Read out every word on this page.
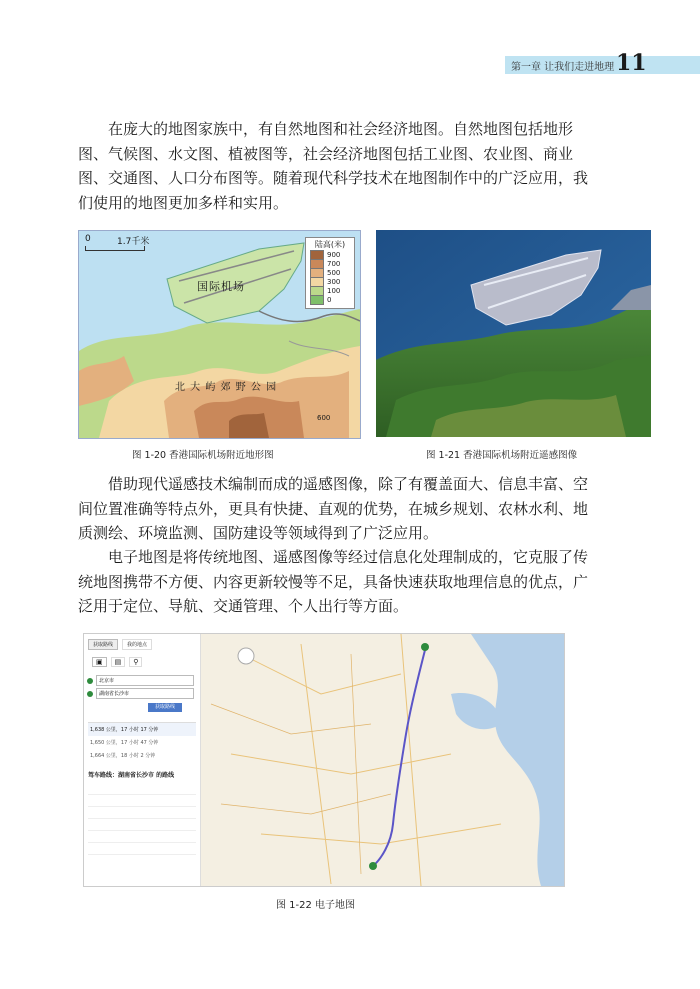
第一章 让我们走进地理 11

在庞大的地图家族中，有自然地图和社会经济地图。自然地图包括地形图、气候图、水文图、植被图等，社会经济地图包括工业图、农业图、商业图、交通图、人口分布图等。随着现代科学技术在地图制作中的广泛应用，我们使用的地图更加多样和实用。

0	1.7千米	陆高(米)
900
700
500
300
100
0
国际机场
北 大 屿 郊 野 公 园
600
图 1-20 香港国际机场附近地形图	图 1-21 香港国际机场附近遥感图像

借助现代遥感技术编制而成的遥感图像，除了有覆盖面大、信息丰富、空间位置准确等特点外，更具有快捷、直观的优势，在城乡规划、农林水利、地质测绘、环境监测、国防建设等领域得到了广泛应用。

电子地图是将传统地图、遥感图像等经过信息化处理制成的，它克服了传统地图携带不方便、内容更新较慢等不足，具备快速获取地理信息的优点，广泛用于定位、导航、交通管理、个人出行等方面。

获取路线	我的地点
▣	▤	⚲
北京市
湖南省长沙市
获取路线
1,638 公里，17 小时 17 分钟
1,650 公里，17 小时 47 分钟
1,664 公里，18 小时 2 分钟
驾车路线：湖南省长沙市 的路线
图 1-22 电子地图
